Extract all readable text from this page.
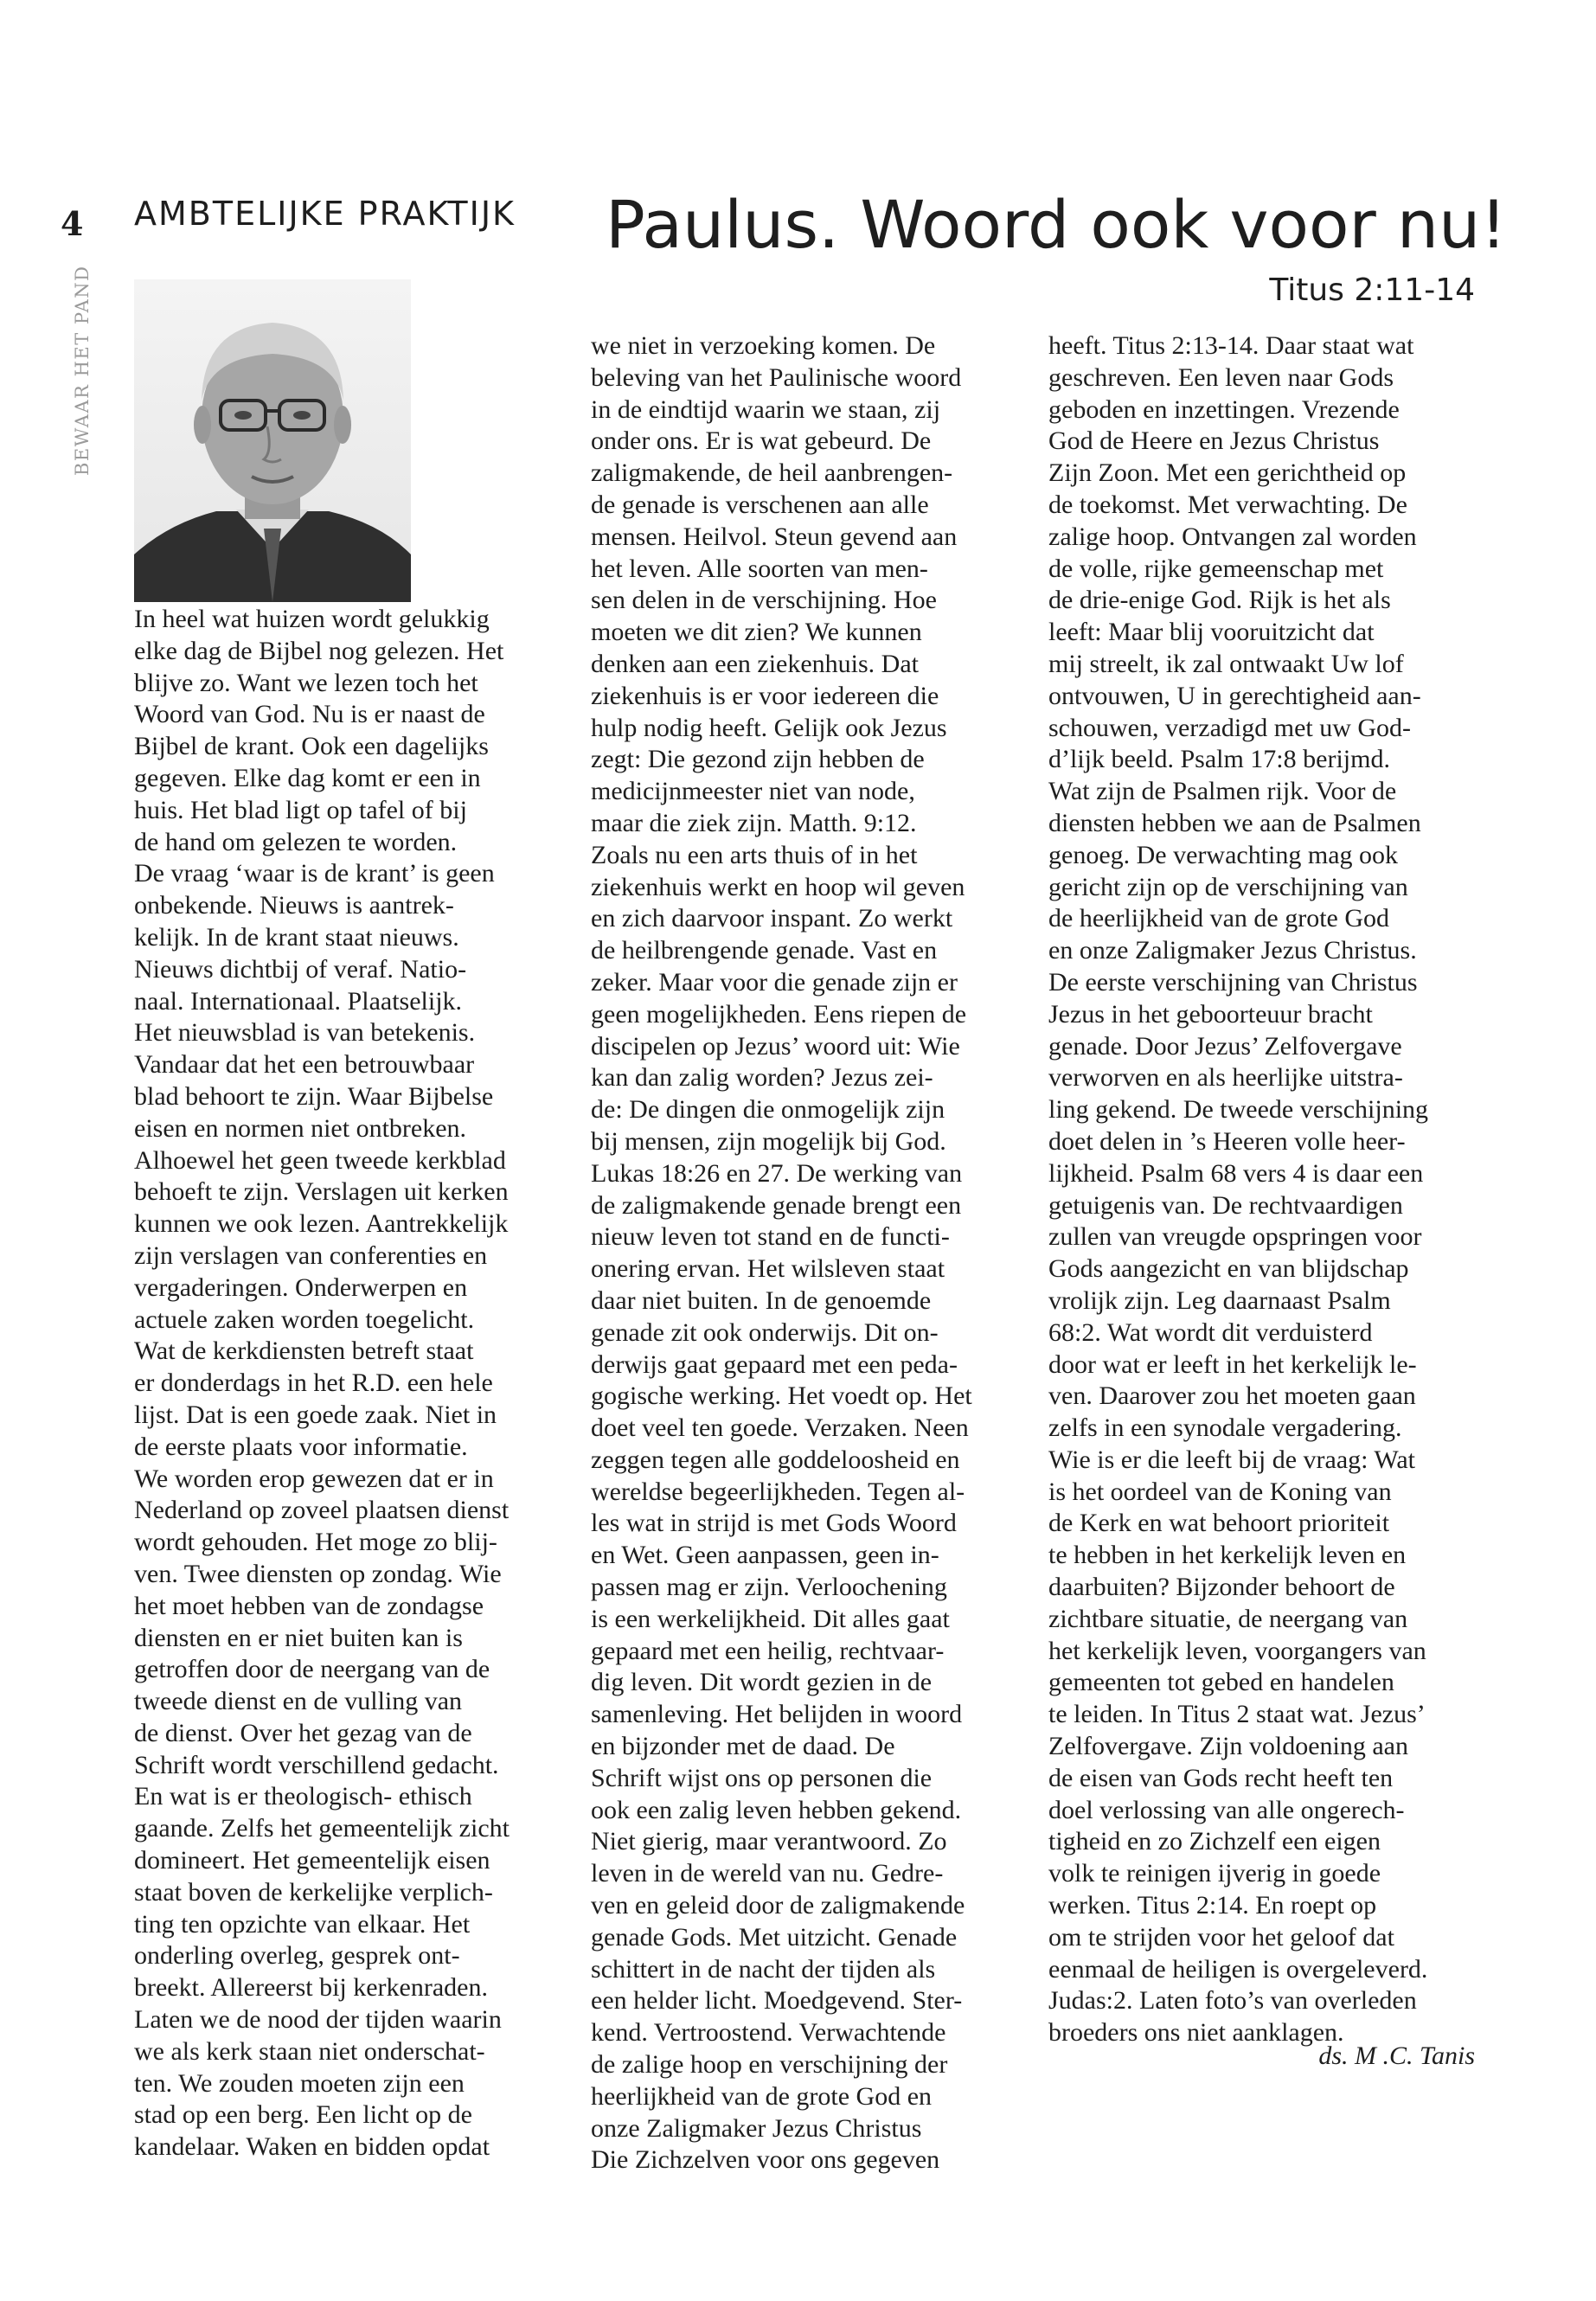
4
BEWAAR HET PAND
AMBTELIJKE PRAKTIJK Paulus. Woord ook voor nu!
Titus 2:11-14
In heel wat huizen wordt gelukkig
elke dag de Bijbel nog gelezen. Het
blijve zo. Want we lezen toch het
Woord van God. Nu is er naast de
Bijbel de krant. Ook een dagelijks
gegeven. Elke dag komt er een in
huis. Het blad ligt op tafel of bij
de hand om gelezen te worden.
De vraag ‘waar is de krant’ is geen
onbekende. Nieuws is aantrek-
kelijk. In de krant staat nieuws.
Nieuws dichtbij of veraf. Natio-
naal. Internationaal. Plaatselijk.
Het nieuwsblad is van betekenis.
Vandaar dat het een betrouwbaar
blad behoort te zijn. Waar Bijbelse
eisen en normen niet ontbreken.
Alhoewel het geen tweede kerkblad
behoeft te zijn. Verslagen uit kerken
kunnen we ook lezen. Aantrekkelijk
zijn verslagen van conferenties en
vergaderingen. Onderwerpen en
actuele zaken worden toegelicht.
Wat de kerkdiensten betreft staat
er donderdags in het R.D. een hele
lijst. Dat is een goede zaak. Niet in
de eerste plaats voor informatie.
We worden erop gewezen dat er in
Nederland op zoveel plaatsen dienst
wordt gehouden. Het moge zo blij-
ven. Twee diensten op zondag. Wie
het moet hebben van de zondagse
diensten en er niet buiten kan is
getroffen door de neergang van de
tweede dienst en de vulling van
de dienst. Over het gezag van de
Schrift wordt verschillend gedacht.
En wat is er theologisch- ethisch
gaande. Zelfs het gemeentelijk zicht
domineert. Het gemeentelijk eisen
staat boven de kerkelijke verplich-
ting ten opzichte van elkaar. Het
onderling overleg, gesprek ont-
breekt. Allereerst bij kerkenraden.
Laten we de nood der tijden waarin
we als kerk staan niet onderschat-
ten. We zouden moeten zijn een
stad op een berg. Een licht op de
kandelaar. Waken en bidden opdat
we niet in verzoeking komen. De
beleving van het Paulinische woord
in de eindtijd waarin we staan, zij
onder ons. Er is wat gebeurd. De
zaligmakende, de heil aanbrengen-
de genade is verschenen aan alle
mensen. Heilvol. Steun gevend aan
het leven. Alle soorten van men-
sen delen in de verschijning. Hoe
moeten we dit zien? We kunnen
denken aan een ziekenhuis. Dat
ziekenhuis is er voor iedereen die
hulp nodig heeft. Gelijk ook Jezus
zegt: Die gezond zijn hebben de
medicijnmeester niet van node,
maar die ziek zijn. Matth. 9:12.
Zoals nu een arts thuis of in het
ziekenhuis werkt en hoop wil geven
en zich daarvoor inspant. Zo werkt
de heilbrengende genade. Vast en
zeker. Maar voor die genade zijn er
geen mogelijkheden. Eens riepen de
discipelen op Jezus’ woord uit: Wie
kan dan zalig worden? Jezus zei-
de: De dingen die onmogelijk zijn
bij mensen, zijn mogelijk bij God.
Lukas 18:26 en 27. De werking van
de zaligmakende genade brengt een
nieuw leven tot stand en de functi-
onering ervan. Het wilsleven staat
daar niet buiten. In de genoemde
genade zit ook onderwijs. Dit on-
derwijs gaat gepaard met een peda-
gogische werking. Het voedt op. Het
doet veel ten goede. Verzaken. Neen
zeggen tegen alle goddeloosheid en
wereldse begeerlijkheden. Tegen al-
les wat in strijd is met Gods Woord
en Wet. Geen aanpassen, geen in-
passen mag er zijn. Verloochening
is een werkelijkheid. Dit alles gaat
gepaard met een heilig, rechtvaar-
dig leven. Dit wordt gezien in de
samenleving. Het belijden in woord
en bijzonder met de daad. De
Schrift wijst ons op personen die
ook een zalig leven hebben gekend.
Niet gierig, maar verantwoord. Zo
leven in de wereld van nu. Gedre-
ven en geleid door de zaligmakende
genade Gods. Met uitzicht. Genade
schittert in de nacht der tijden als
een helder licht. Moedgevend. Ster-
kend. Vertroostend. Verwachtende
de zalige hoop en verschijning der
heerlijkheid van de grote God en
onze Zaligmaker Jezus Christus
Die Zichzelven voor ons gegeven
heeft. Titus 2:13-14. Daar staat wat
geschreven. Een leven naar Gods
geboden en inzettingen. Vrezende
God de Heere en Jezus Christus
Zijn Zoon. Met een gerichtheid op
de toekomst. Met verwachting. De
zalige hoop. Ontvangen zal worden
de volle, rijke gemeenschap met
de drie-enige God. Rijk is het als
leeft: Maar blij vooruitzicht dat
mij streelt, ik zal ontwaakt Uw lof
ontvouwen, U in gerechtigheid aan-
schouwen, verzadigd met uw God-
d’lijk beeld. Psalm 17:8 berijmd.
Wat zijn de Psalmen rijk. Voor de
diensten hebben we aan de Psalmen
genoeg. De verwachting mag ook
gericht zijn op de verschijning van
de heerlijkheid van de grote God
en onze Zaligmaker Jezus Christus.
De eerste verschijning van Christus
Jezus in het geboorteuur bracht
genade. Door Jezus’ Zelfovergave
verworven en als heerlijke uitstra-
ling gekend. De tweede verschijning
doet delen in ’s Heeren volle heer-
lijkheid. Psalm 68 vers 4 is daar een
getuigenis van. De rechtvaardigen
zullen van vreugde opspringen voor
Gods aangezicht en van blijdschap
vrolijk zijn. Leg daarnaast Psalm
68:2. Wat wordt dit verduisterd
door wat er leeft in het kerkelijk le-
ven. Daarover zou het moeten gaan
zelfs in een synodale vergadering.
Wie is er die leeft bij de vraag: Wat
is het oordeel van de Koning van
de Kerk en wat behoort prioriteit
te hebben in het kerkelijk leven en
daarbuiten? Bijzonder behoort de
zichtbare situatie, de neergang van
het kerkelijk leven, voorgangers van
gemeenten tot gebed en handelen
te leiden. In Titus 2 staat wat. Jezus’
Zelfovergave. Zijn voldoening aan
de eisen van Gods recht heeft ten
doel verlossing van alle ongerech-
tigheid en zo Zichzelf een eigen
volk te reinigen ijverig in goede
werken. Titus 2:14. En roept op
om te strijden voor het geloof dat
eenmaal de heiligen is overgeleverd.
Judas:2. Laten foto’s van overleden
broeders ons niet aanklagen.
ds. M .C. Tanis
